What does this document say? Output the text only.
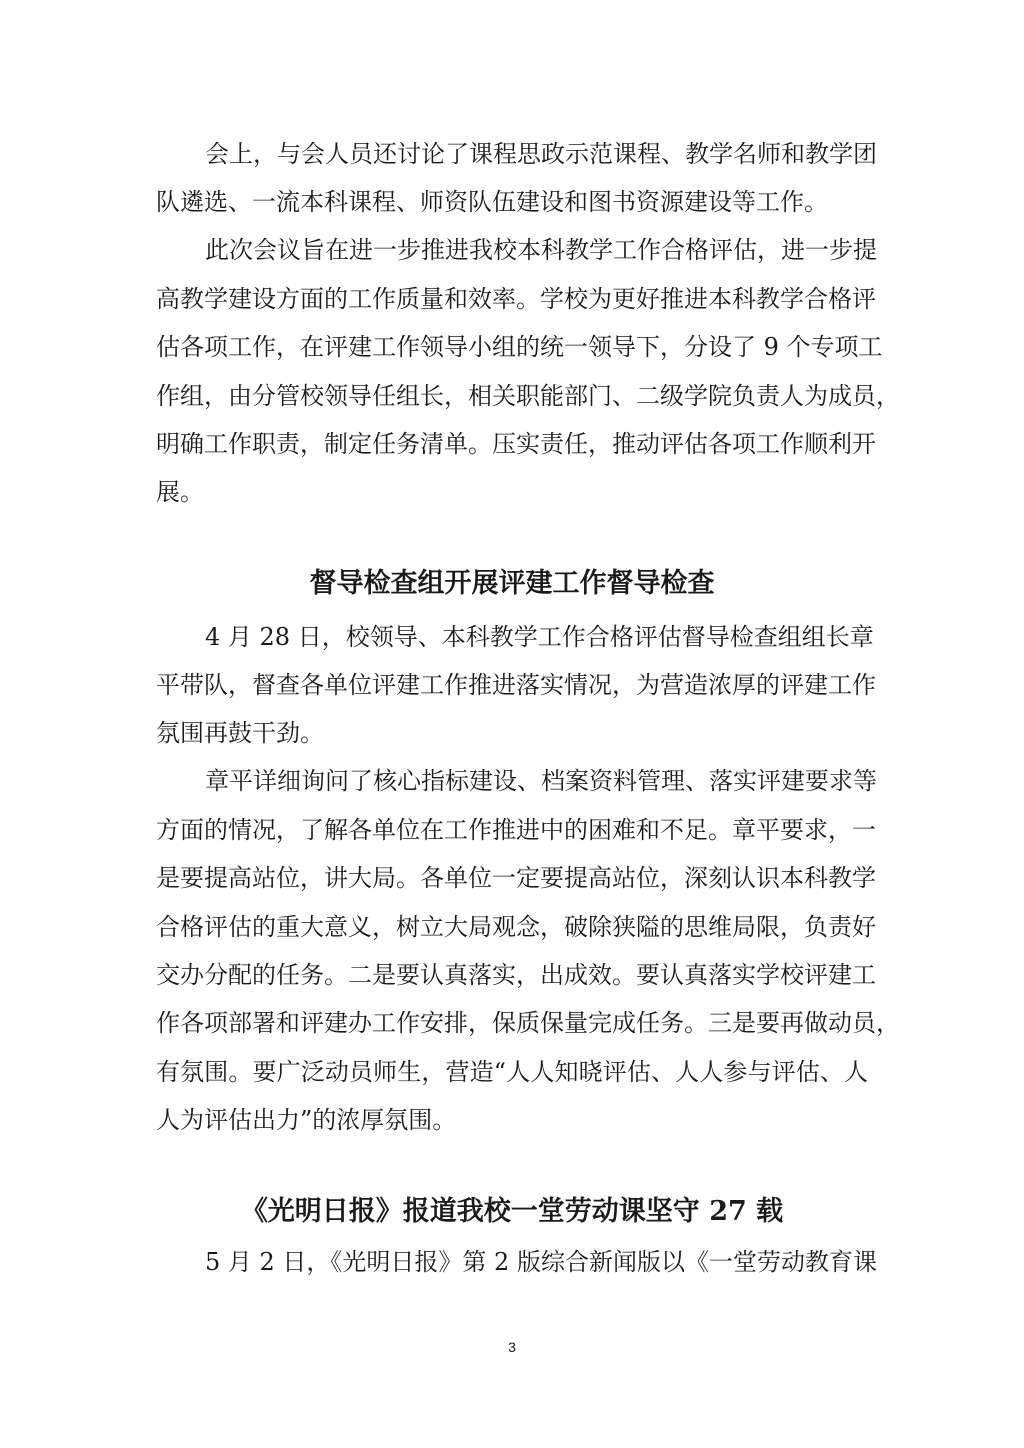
会上，与会人员还讨论了课程思政示范课程、教学名师和教学团
队遴选、一流本科课程、师资队伍建设和图书资源建设等工作。
此次会议旨在进一步推进我校本科教学工作合格评估，进一步提
高教学建设方面的工作质量和效率。学校为更好推进本科教学合格评
估各项工作，在评建工作领导小组的统一领导下，分设了 9 个专项工
作组，由分管校领导任组长，相关职能部门、二级学院负责人为成员，
明确工作职责，制定任务清单。压实责任，推动评估各项工作顺利开
展。
督导检查组开展评建工作督导检查
4 月 28 日，校领导、本科教学工作合格评估督导检查组组长章
平带队，督查各单位评建工作推进落实情况，为营造浓厚的评建工作
氛围再鼓干劲。
章平详细询问了核心指标建设、档案资料管理、落实评建要求等
方面的情况，了解各单位在工作推进中的困难和不足。章平要求，一
是要提高站位，讲大局。各单位一定要提高站位，深刻认识本科教学
合格评估的重大意义，树立大局观念，破除狭隘的思维局限，负责好
交办分配的任务。二是要认真落实，出成效。要认真落实学校评建工
作各项部署和评建办工作安排，保质保量完成任务。三是要再做动员，
有氛围。要广泛动员师生，营造“人人知晓评估、人人参与评估、人
人为评估出力”的浓厚氛围。
《光明日报》报道我校一堂劳动课坚守 27 载
5 月 2 日，《光明日报》第 2 版综合新闻版以《一堂劳动教育课
3
